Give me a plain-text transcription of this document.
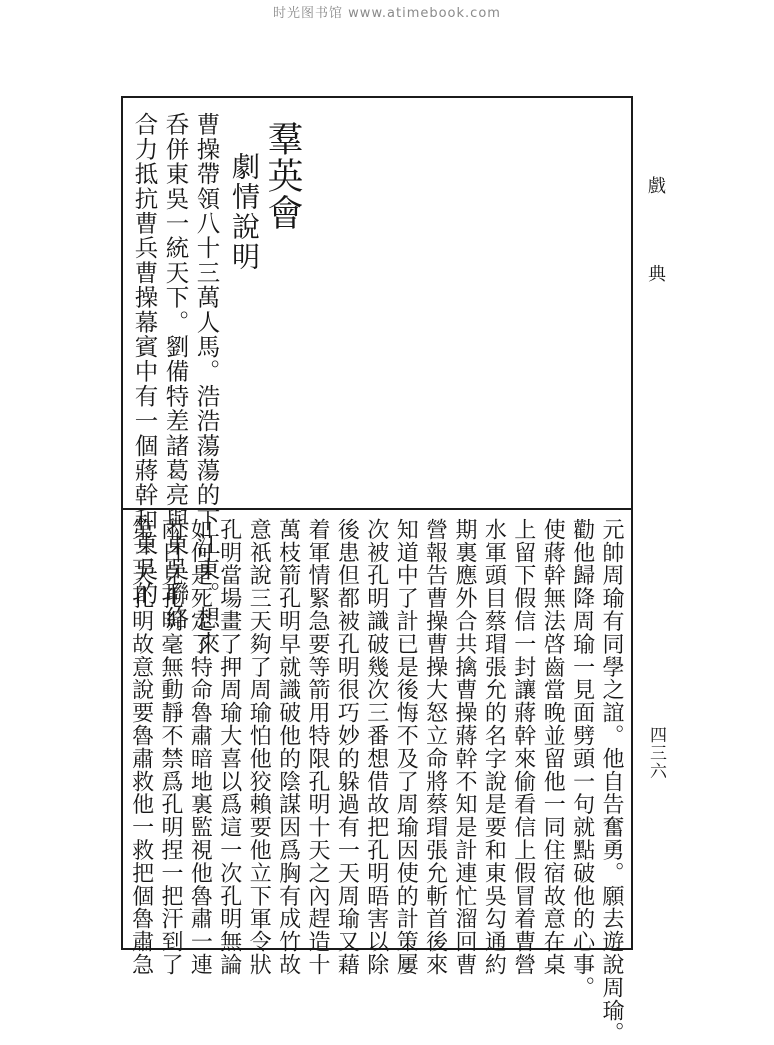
时光图书馆 www.atimebook.com
羣英會
劇情說明	戲
典
四三六
曹操帶領八十三萬人馬。浩浩蕩蕩的下江東。想來
呑併東吳一統天下。劉備特差諸葛亮與東吳聯絡
合力抵抗曹兵曹操幕賓中有一個蔣幹和東吳的
元帥周瑜有同學之誼。他自告奮勇。願去遊說周瑜。
勸他歸降周瑜一見面劈頭一句就點破他的心事。
使蔣幹無法啓齒當晚並留他一同住宿故意在桌
上留下假信一封讓蔣幹來偷看信上假冒着曹營
水軍頭目蔡瑁張允的名字說是要和東吳勾通約
期裏應外合共擒曹操蔣幹不知是計連忙溜回曹
營報告曹操曹操大怒立命將蔡瑁張允斬首後來
知道中了計已是後悔不及了周瑜因使的計策屢
次被孔明識破幾次三番想借故把孔明晤害以除
後患但都被孔明很巧妙的躲過有一天周瑜又藉
着軍情緊急要等箭用特限孔明十天之內趕造十
萬枝箭孔明早就識破他的陰謀因爲胸有成竹故
意祇說三天夠了周瑜怕他狡賴要他立下軍令狀
孔明當場畫了押周瑜大喜以爲這一次孔明無論
如何是死定了特命魯肅暗地裏監視他魯肅一連
兩日見孔明毫無動靜不禁爲孔明捏一把汗到了
第三天孔明故意說要魯肅救他一救把個魯肅急
